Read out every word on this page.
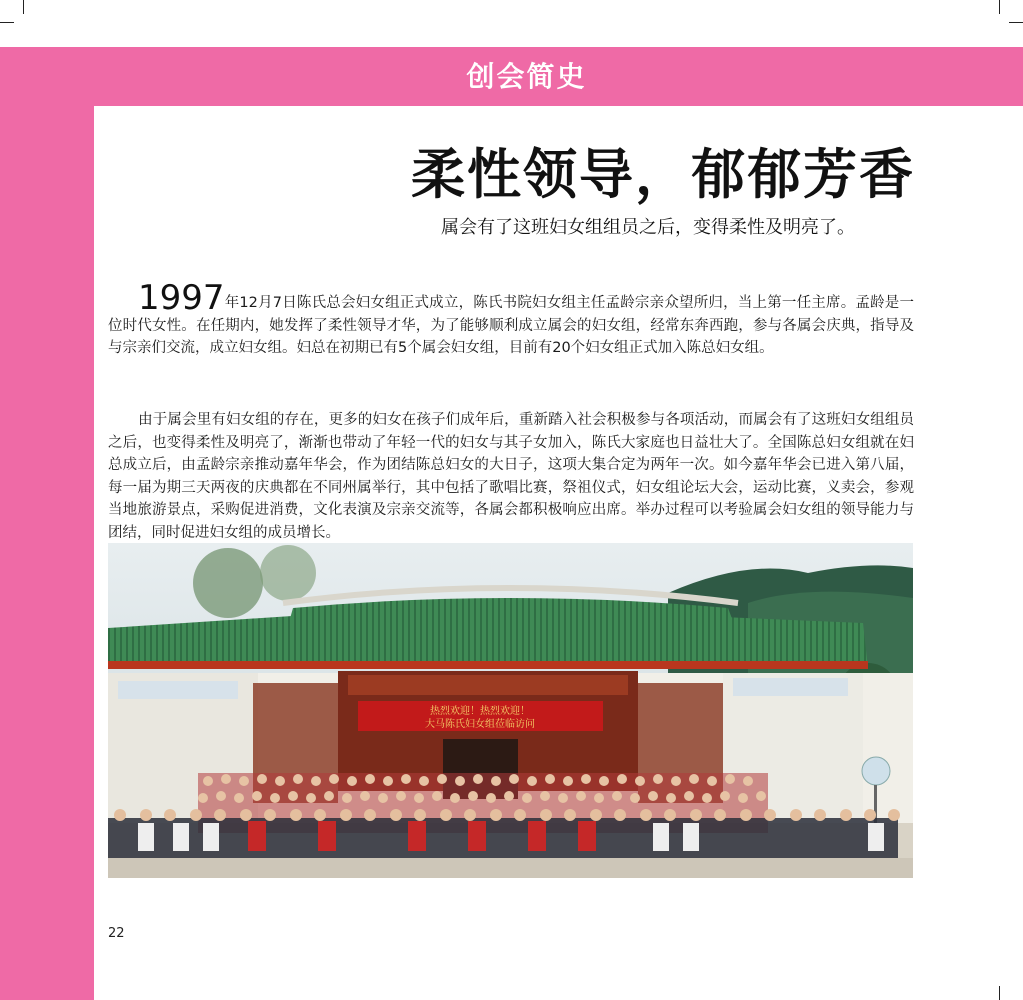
创会简史
柔性领导，郁郁芳香
属会有了这班妇女组组员之后，变得柔性及明亮了。
1997年12月7日陈氏总会妇女组正式成立，陈氏书院妇女组主任孟龄宗亲众望所归，当上第一任主席。孟龄是一位时代女性。在任期内，她发挥了柔性领导才华，为了能够顺利成立属会的妇女组，经常东奔西跑，参与各属会庆典，指导及与宗亲们交流，成立妇女组。妇总在初期已有5个属会妇女组，目前有20个妇女组正式加入陈总妇女组。
由于属会里有妇女组的存在，更多的妇女在孩子们成年后，重新踏入社会积极参与各项活动，而属会有了这班妇女组组员之后，也变得柔性及明亮了，渐渐也带动了年轻一代的妇女与其子女加入，陈氏大家庭也日益壮大了。全国陈总妇女组就在妇总成立后，由孟龄宗亲推动嘉年华会，作为团结陈总妇女的大日子，这项大集合定为两年一次。如今嘉年华会已进入第八届，每一届为期三天两夜的庆典都在不同州属举行，其中包括了歌唱比赛，祭祖仪式，妇女组论坛大会，运动比赛，义卖会，参观当地旅游景点，采购促进消费，文化表演及宗亲交流等，各属会都积极响应出席。举办过程可以考验属会妇女组的领导能力与团结，同时促进妇女组的成员增长。
热烈欢迎！热烈欢迎！
大马陈氏妇女组莅临访问
22
